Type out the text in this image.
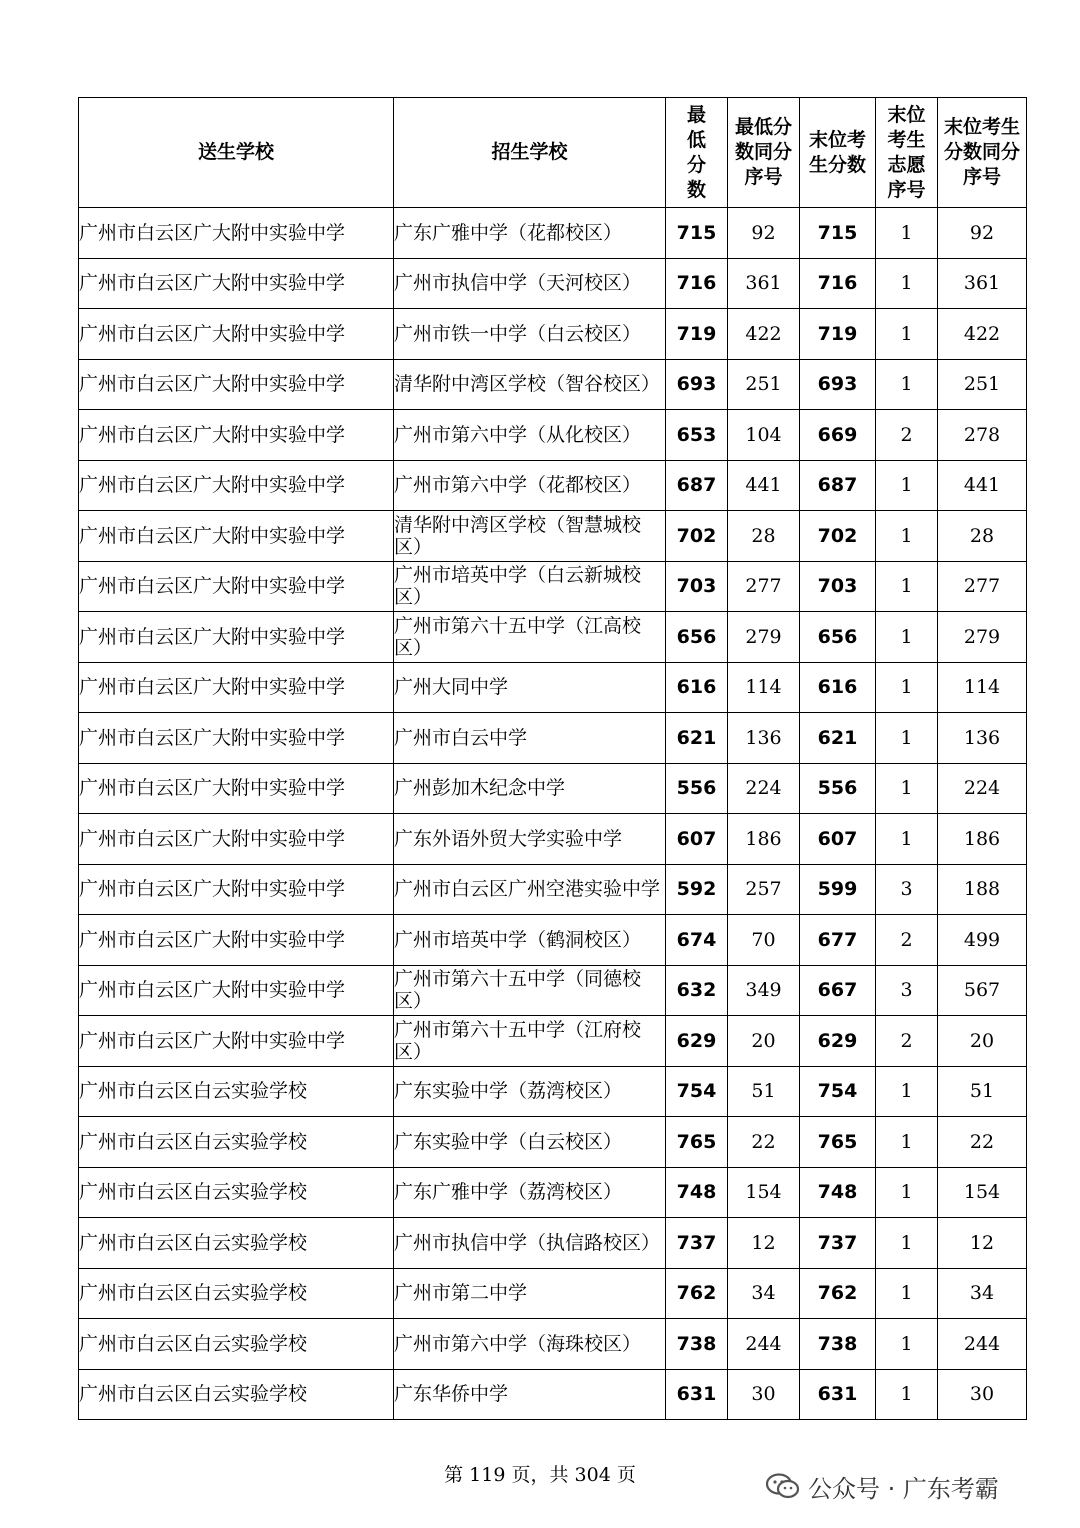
送生学校	招生学校	最低分数	最低分数同分序号	末位考生分数	末位考生志愿序号	末位考生分数同分序号
广州市白云区广大附中实验中学	广东广雅中学（花都校区）	715	92	715	1	92
广州市白云区广大附中实验中学	广州市执信中学（天河校区）	716	361	716	1	361
广州市白云区广大附中实验中学	广州市铁一中学（白云校区）	719	422	719	1	422
广州市白云区广大附中实验中学	清华附中湾区学校（智谷校区）	693	251	693	1	251
广州市白云区广大附中实验中学	广州市第六中学（从化校区）	653	104	669	2	278
广州市白云区广大附中实验中学	广州市第六中学（花都校区）	687	441	687	1	441
广州市白云区广大附中实验中学	清华附中湾区学校（智慧城校区）	702	28	702	1	28
广州市白云区广大附中实验中学	广州市培英中学（白云新城校区）	703	277	703	1	277
广州市白云区广大附中实验中学	广州市第六十五中学（江高校区）	656	279	656	1	279
广州市白云区广大附中实验中学	广州大同中学	616	114	616	1	114
广州市白云区广大附中实验中学	广州市白云中学	621	136	621	1	136
广州市白云区广大附中实验中学	广州彭加木纪念中学	556	224	556	1	224
广州市白云区广大附中实验中学	广东外语外贸大学实验中学	607	186	607	1	186
广州市白云区广大附中实验中学	广州市白云区广州空港实验中学	592	257	599	3	188
广州市白云区广大附中实验中学	广州市培英中学（鹤洞校区）	674	70	677	2	499
广州市白云区广大附中实验中学	广州市第六十五中学（同德校区）	632	349	667	3	567
广州市白云区广大附中实验中学	广州市第六十五中学（江府校区）	629	20	629	2	20
广州市白云区白云实验学校	广东实验中学（荔湾校区）	754	51	754	1	51
广州市白云区白云实验学校	广东实验中学（白云校区）	765	22	765	1	22
广州市白云区白云实验学校	广东广雅中学（荔湾校区）	748	154	748	1	154
广州市白云区白云实验学校	广州市执信中学（执信路校区）	737	12	737	1	12
广州市白云区白云实验学校	广州市第二中学	762	34	762	1	34
广州市白云区白云实验学校	广州市第六中学（海珠校区）	738	244	738	1	244
广州市白云区白云实验学校	广东华侨中学	631	30	631	1	30
第 119 页，共 304 页	公众号 · 广东考霸
